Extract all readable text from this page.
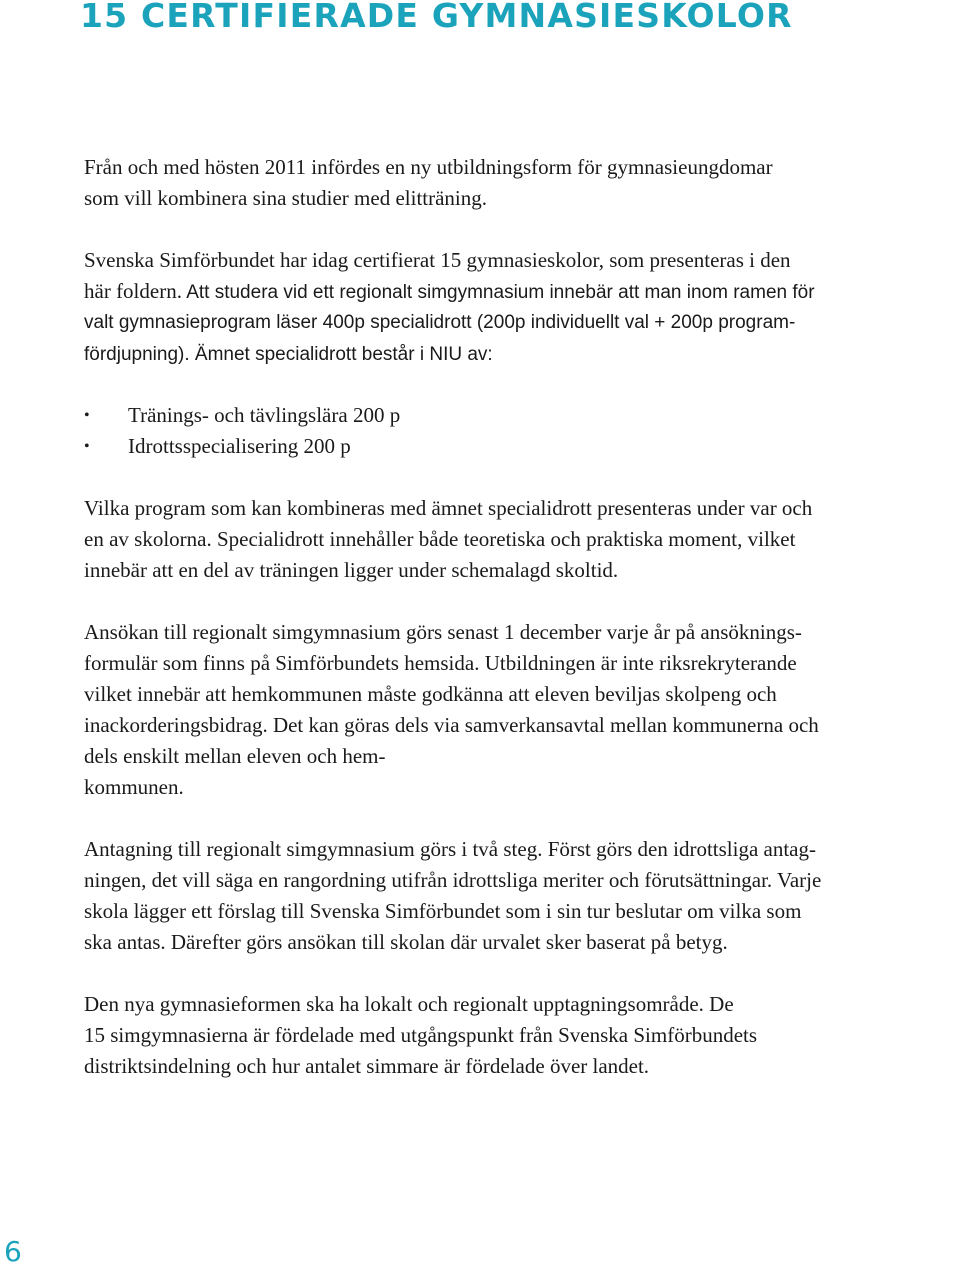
15 CERTIFIERADE GYMNASIESKOLOR
Från och med hösten 2011 infördes en ny utbildningsform för gymnasieungdomar
som vill kombinera sina studier med elitträning.
Svenska Simförbundet har idag certifierat 15 gymnasieskolor, som presenteras i den
här foldern. Att studera vid ett regionalt simgymnasium innebär att man inom ramen för
valt gymnasieprogram läser 400p specialidrott (200p individuellt val + 200p program-
fördjupning). Ämnet specialidrott består i NIU av:
• Tränings- och tävlingslära 200 p
• Idrottsspecialisering 200 p
Vilka program som kan kombineras med ämnet specialidrott presenteras under var och
en av skolorna. Specialidrott innehåller både teoretiska och praktiska moment, vilket
innebär att en del av träningen ligger under schemalagd skoltid.
Ansökan till regionalt simgymnasium görs senast 1 december varje år på ansöknings-
formulär som finns på Simförbundets hemsida. Utbildningen är inte riksrekryterande
vilket innebär att hemkommunen måste godkänna att eleven beviljas skolpeng och
inackorderingsbidrag. Det kan göras dels via samverkansavtal mellan kommunerna och
dels enskilt mellan eleven och hem-
kommunen.
Antagning till regionalt simgymnasium görs i två steg. Först görs den idrottsliga antag-
ningen, det vill säga en rangordning utifrån idrottsliga meriter och förutsättningar. Varje
skola lägger ett förslag till Svenska Simförbundet som i sin tur beslutar om vilka som
ska antas. Därefter görs ansökan till skolan där urvalet sker baserat på betyg.
Den nya gymnasieformen ska ha lokalt och regionalt upptagningsområde. De
15 simgymnasierna är fördelade med utgångspunkt från Svenska Simförbundets
distriktsindelning och hur antalet simmare är fördelade över landet.
6
